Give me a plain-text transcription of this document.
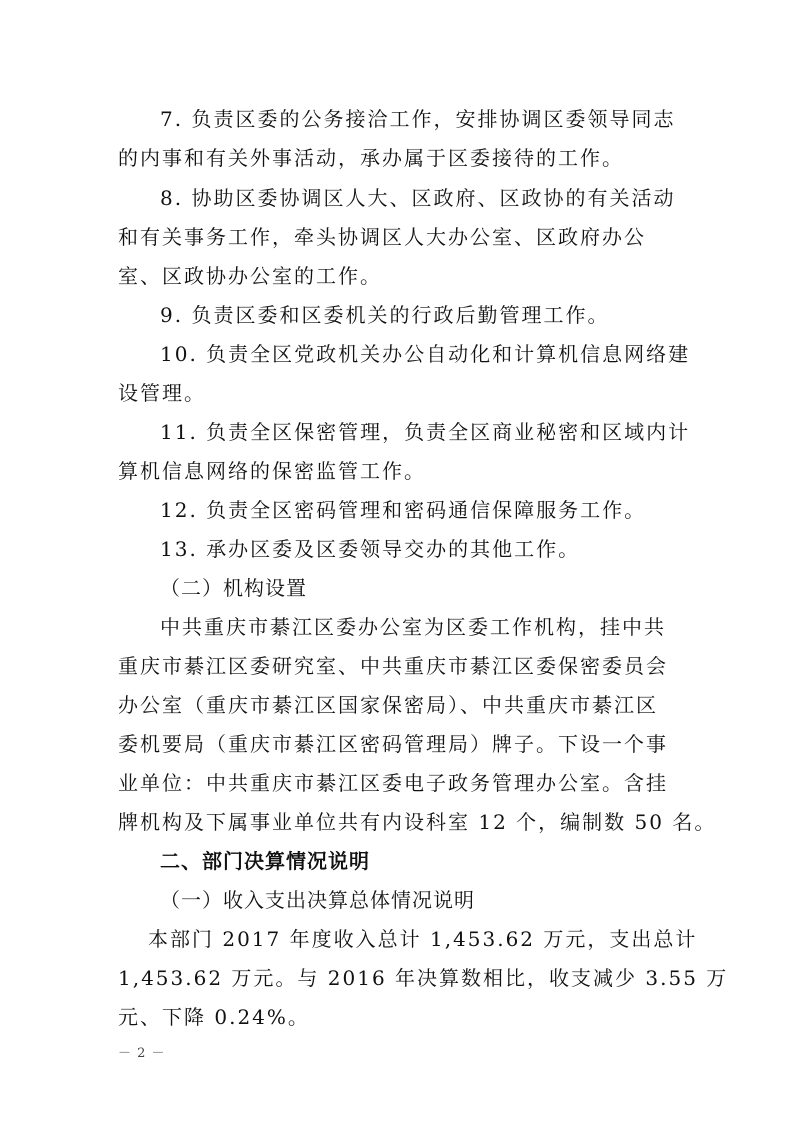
7. 负责区委的公务接洽工作，安排协调区委领导同志
的内事和有关外事活动，承办属于区委接待的工作。
8. 协助区委协调区人大、区政府、区政协的有关活动
和有关事务工作，牵头协调区人大办公室、区政府办公
室、区政协办公室的工作。
9. 负责区委和区委机关的行政后勤管理工作。
10. 负责全区党政机关办公自动化和计算机信息网络建
设管理。
11. 负责全区保密管理，负责全区商业秘密和区域内计
算机信息网络的保密监管工作。
12. 负责全区密码管理和密码通信保障服务工作。
13. 承办区委及区委领导交办的其他工作。
（二）机构设置
中共重庆市綦江区委办公室为区委工作机构，挂中共
重庆市綦江区委研究室、中共重庆市綦江区委保密委员会
办公室（重庆市綦江区国家保密局）、中共重庆市綦江区
委机要局（重庆市綦江区密码管理局）牌子。下设一个事
业单位：中共重庆市綦江区委电子政务管理办公室。含挂
牌机构及下属事业单位共有内设科室 12 个，编制数 50 名。
二、部门决算情况说明
（一）收入支出决算总体情况说明
本部门 2017 年度收入总计 1,453.62 万元，支出总计
1,453.62 万元。与 2016 年决算数相比，收支减少 3.55 万
元、下降 0.24%。
－ 2 －
